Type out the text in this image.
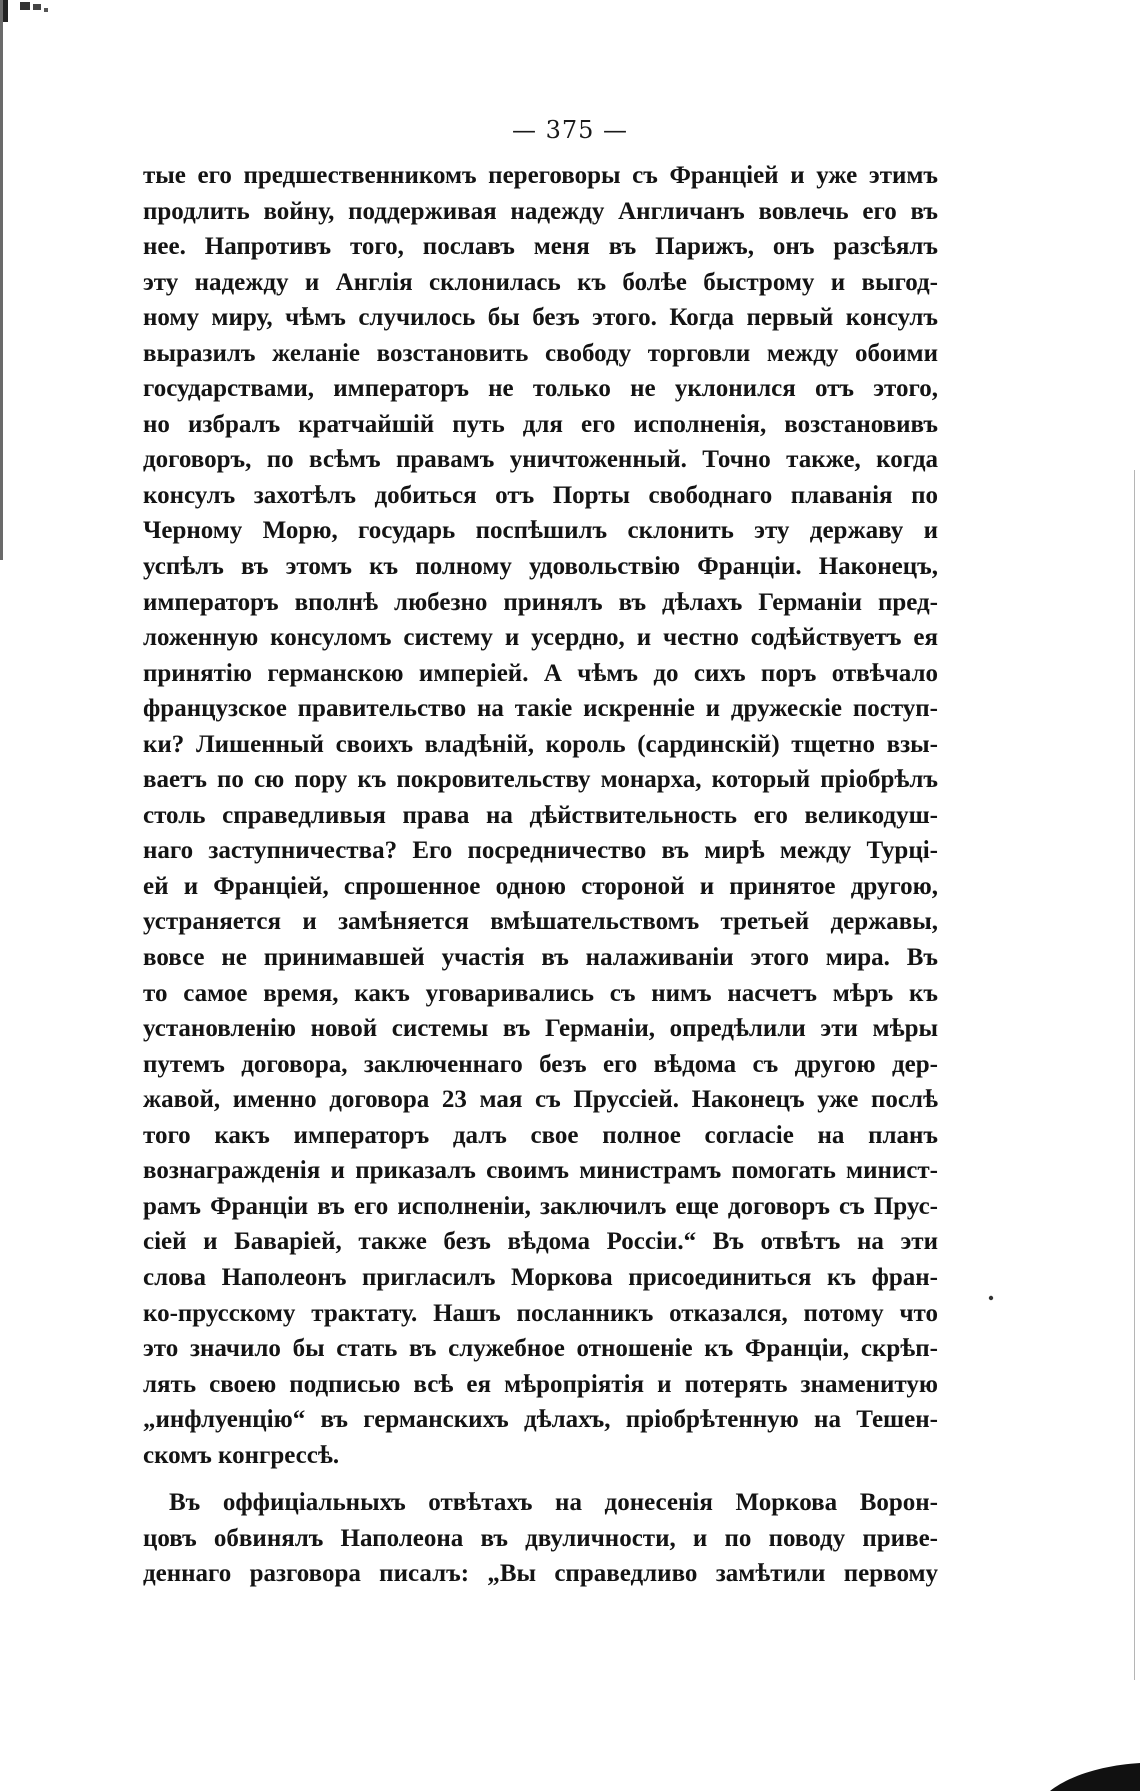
— 375 —
тые его предшественникомъ переговоры съ Франціей и уже этимъ
продлить войну, поддерживая надежду Англичанъ вовлечь его въ
нее. Напротивъ того, пославъ меня въ Парижъ, онъ разсѣялъ
эту надежду и Англія склонилась къ болѣе быстрому и выгод-
ному миру, чѣмъ случилось бы безъ этого. Когда первый консулъ
выразилъ желаніе возстановить свободу торговли между обоими
государствами, императоръ не только не уклонился отъ этого,
но избралъ кратчайшій путь для его исполненія, возстановивъ
договоръ, по всѣмъ правамъ уничтоженный. Точно также, когда
консулъ захотѣлъ добиться отъ Порты свободнаго плаванія по
Черному Морю, государь поспѣшилъ склонить эту державу и
успѣлъ въ этомъ къ полному удовольствію Франціи. Наконецъ,
императоръ вполнѣ любезно принялъ въ дѣлахъ Германіи пред-
ложенную консуломъ систему и усердно, и честно содѣйствуетъ ея
принятію германскою имперіей. А чѣмъ до сихъ поръ отвѣчало
французское правительство на такіе искренніе и дружескіе поступ-
ки? Лишенный своихъ владѣній, король (сардинскій) тщетно взы-
ваетъ по сю пору къ покровительству монарха, который пріобрѣлъ
столь справедливыя права на дѣйствительность его великодуш-
наго заступничества? Его посредничество въ мирѣ между Турці-
ей и Франціей, спрошенное одною стороной и принятое другою,
устраняется и замѣняется вмѣшательствомъ третьей державы,
вовсе не принимавшей участія въ налаживаніи этого мира. Въ
то самое время, какъ уговаривались съ нимъ насчетъ мѣръ къ
установленію новой системы въ Германіи, опредѣлили эти мѣры
путемъ договора, заключеннаго безъ его вѣдома съ другою дер-
жавой, именно договора 23 мая съ Пруссіей. Наконецъ уже послѣ
того какъ императоръ далъ свое полное согласіе на планъ
вознагражденія и приказалъ своимъ министрамъ помогать минист-
рамъ Франціи въ его исполненіи, заключилъ еще договоръ съ Прус-
сіей и Баваріей, также безъ вѣдома Россіи.“ Въ отвѣтъ на эти
слова Наполеонъ пригласилъ Моркова присоединиться къ фран-
ко-прусскому трактату. Нашъ посланникъ отказался, потому что
это значило бы стать въ служебное отношеніе къ Франціи, скрѣп-
лять своею подписью всѣ ея мѣропріятія и потерять знаменитую
„инфлуенцію“ въ германскихъ дѣлахъ, пріобрѣтенную на Тешен-
скомъ конгрессѣ.
Въ оффиціальныхъ отвѣтахъ на донесенія Моркова Ворон-
цовъ обвинялъ Наполеона въ двуличности, и по поводу приве-
деннаго разговора писалъ: „Вы справедливо замѣтили первому
